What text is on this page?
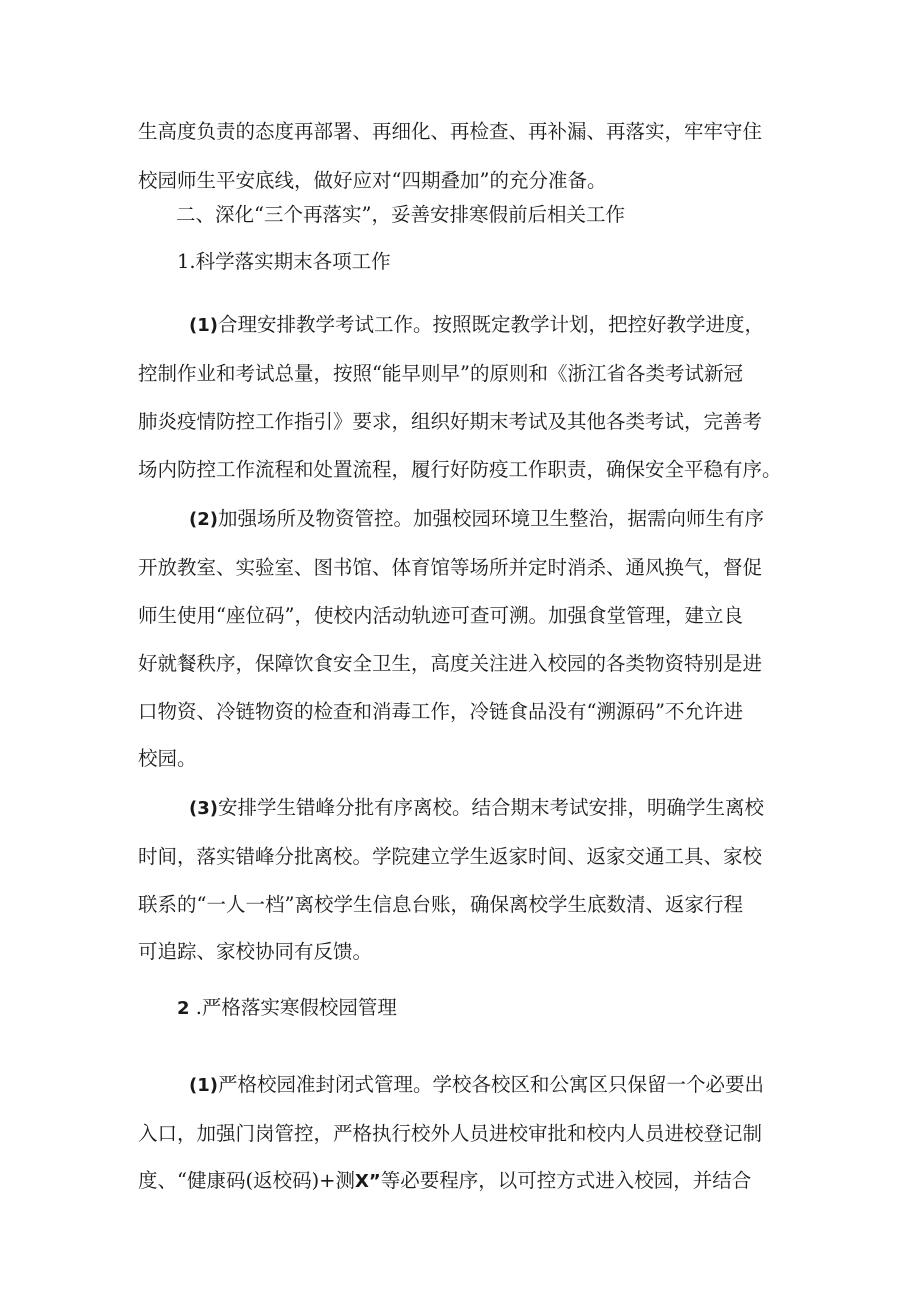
生高度负责的态度再部署、再细化、再检查、再补漏、再落实，牢牢守住

校园师生平安底线，做好应对“四期叠加”的充分准备。

二、深化“三个再落实”，妥善安排寒假前后相关工作

1.科学落实期末各项工作

(1)合理安排教学考试工作。按照既定教学计划，把控好教学进度，

控制作业和考试总量，按照“能早则早”的原则和《浙江省各类考试新冠

肺炎疫情防控工作指引》要求，组织好期末考试及其他各类考试，完善考

场内防控工作流程和处置流程，履行好防疫工作职责，确保安全平稳有序。

(2)加强场所及物资管控。加强校园环境卫生整治，据需向师生有序

开放教室、实验室、图书馆、体育馆等场所并定时消杀、通风换气，督促

师生使用“座位码”，使校内活动轨迹可查可溯。加强食堂管理，建立良

好就餐秩序，保障饮食安全卫生，高度关注进入校园的各类物资特别是进

口物资、冷链物资的检查和消毒工作，冷链食品没有“溯源码”不允许进

校园。

(3)安排学生错峰分批有序离校。结合期末考试安排，明确学生离校

时间，落实错峰分批离校。学院建立学生返家时间、返家交通工具、家校

联系的“一人一档”离校学生信息台账，确保离校学生底数清、返家行程

可追踪、家校协同有反馈。

2 .严格落实寒假校园管理

(1)严格校园准封闭式管理。学校各校区和公寓区只保留一个必要出

入口，加强门岗管控，严格执行校外人员进校审批和校内人员进校登记制

度、“健康码(返校码)+测X”等必要程序，以可控方式进入校园，并结合
